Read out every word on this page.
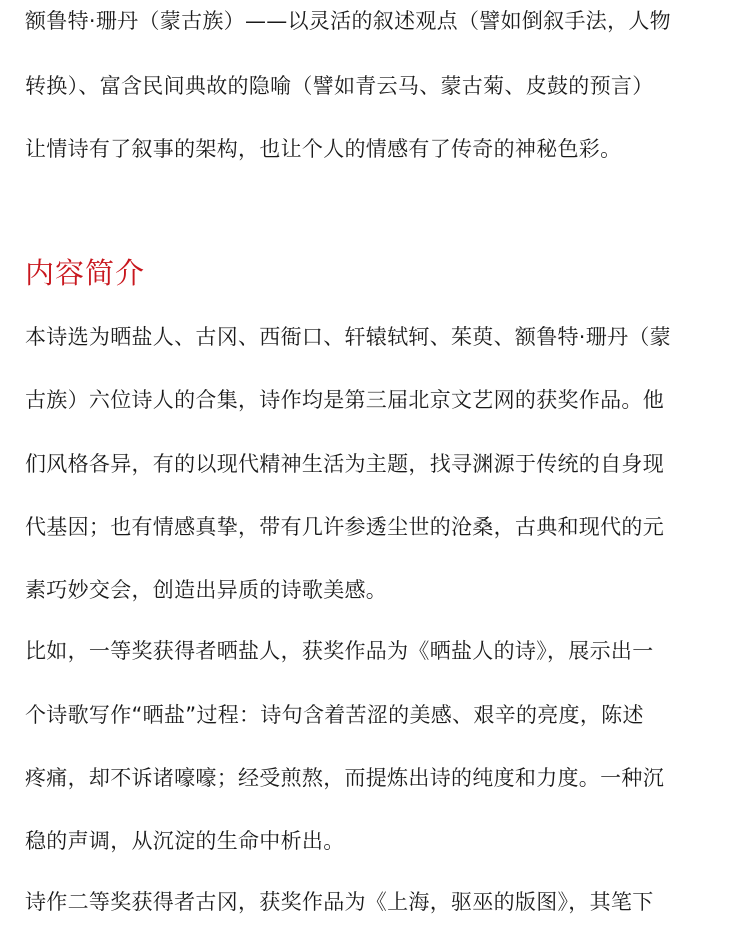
额鲁特·珊丹（蒙古族）——以灵活的叙述观点（譬如倒叙手法，人物
转换）、富含民间典故的隐喻（譬如青云马、蒙古菊、皮鼓的预言）
让情诗有了叙事的架构，也让个人的情感有了传奇的神秘色彩。
内容简介
本诗选为晒盐人、古冈、西衙口、轩辕轼轲、茱萸、额鲁特·珊丹（蒙
古族）六位诗人的合集，诗作均是第三届北京文艺网的获奖作品。他
们风格各异，有的以现代精神生活为主题，找寻渊源于传统的自身现
代基因；也有情感真挚，带有几许参透尘世的沧桑，古典和现代的元
素巧妙交会，创造出异质的诗歌美感。
比如，一等奖获得者晒盐人，获奖作品为《晒盐人的诗》，展示出一
个诗歌写作“晒盐”过程：诗句含着苦涩的美感、艰辛的亮度，陈述
疼痛，却不诉诸嚎嚎；经受煎熬，而提炼出诗的纯度和力度。一种沉
稳的声调，从沉淀的生命中析出。
诗作二等奖获得者古冈，获奖作品为《上海，驱巫的版图》，其笔下
